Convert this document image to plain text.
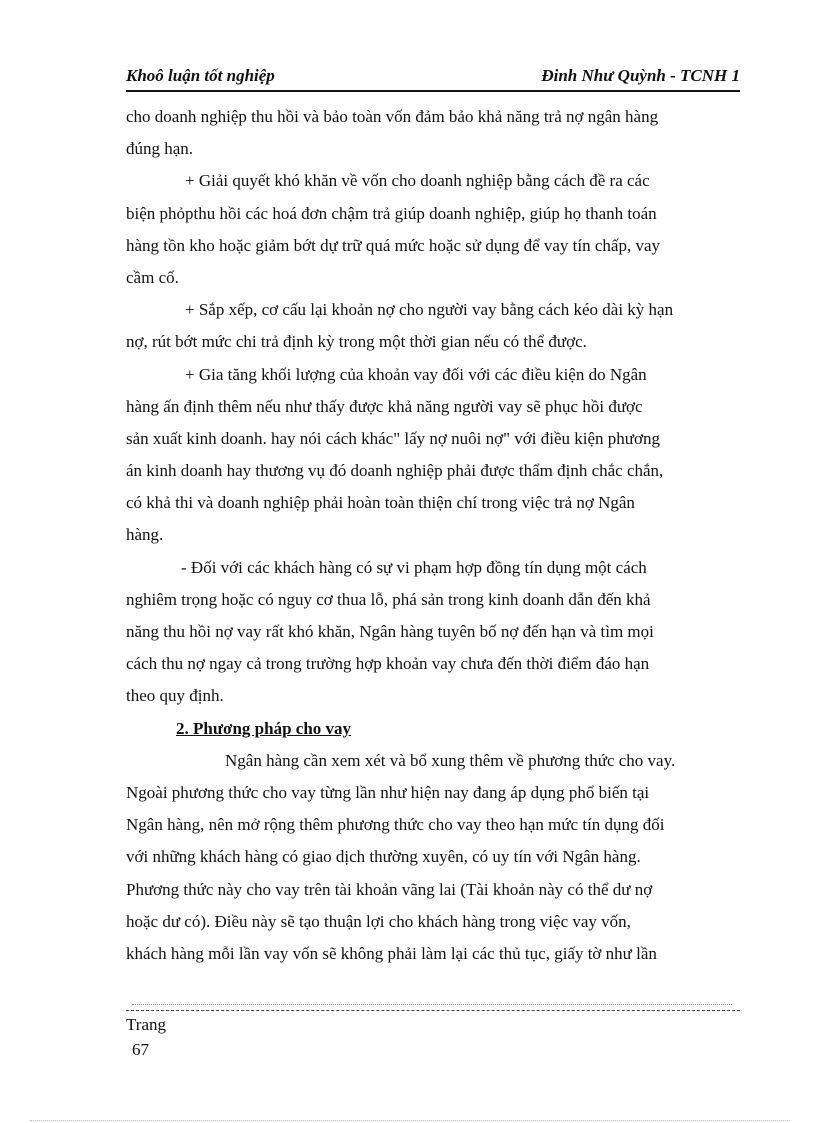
Khoô luận tốt nghiệp	Đinh Như Quỳnh - TCNH 1
cho doanh nghiệp thu hồi và bảo toàn vốn đảm bảo khả năng trả nợ ngân hàng
đúng hạn.
+ Giải quyết khó khăn về vốn cho doanh nghiệp bằng cách đề ra các
biện phỏpthu hồi các hoá đơn chậm trả giúp doanh nghiệp, giúp họ thanh toán
hàng tồn kho hoặc giảm bớt dự trữ quá mức hoặc sử dụng để vay tín chấp, vay
cầm cố.
+ Sắp xếp, cơ cấu lại khoản nợ cho người vay bằng cách kéo dài kỳ hạn
nợ, rút bớt mức chi trả định kỳ trong một thời gian nếu có thể được.
+ Gia tăng khối lượng của khoản vay đối với các điều kiện do Ngân
hàng ấn định thêm nếu như thấy được khả năng người vay sẽ phục hồi được
sản xuất kinh doanh. hay nói cách khác" lấy nợ nuôi nợ" với điều kiện phương
án kinh doanh hay thương vụ đó doanh nghiệp phải được thẩm định chắc chắn,
có khả thi và doanh nghiệp phải hoàn toàn thiện chí trong việc trả nợ Ngân
hàng.
- Đối với các khách hàng có sự vi phạm hợp đồng tín dụng một cách
nghiêm trọng hoặc có nguy cơ thua lỗ, phá sản trong kinh doanh dẫn đến khả
năng thu hồi nợ vay rất khó khăn, Ngân hàng tuyên bố nợ đến hạn và tìm mọi
cách thu nợ ngay cả trong trường hợp khoản vay chưa đến thời điểm đáo hạn
theo quy định.
2. Phương pháp cho vay
Ngân hàng cần xem xét và bổ xung thêm về phương thức cho vay.
Ngoài phương thức cho vay từng lần như hiện nay đang áp dụng phổ biến tại
Ngân hàng, nên mở rộng thêm phương thức cho vay theo hạn mức tín dụng đối
với những khách hàng có giao dịch thường xuyên, có uy tín với Ngân hàng.
Phương thức này cho vay trên tài khoản vãng lai (Tài khoản này có thể dư nợ
hoặc dư có). Điều này sẽ tạo thuận lợi cho khách hàng trong việc vay vốn,
khách hàng mỗi lần vay vốn sẽ không phải làm lại các thủ tục, giấy tờ như lần
Trang
67
